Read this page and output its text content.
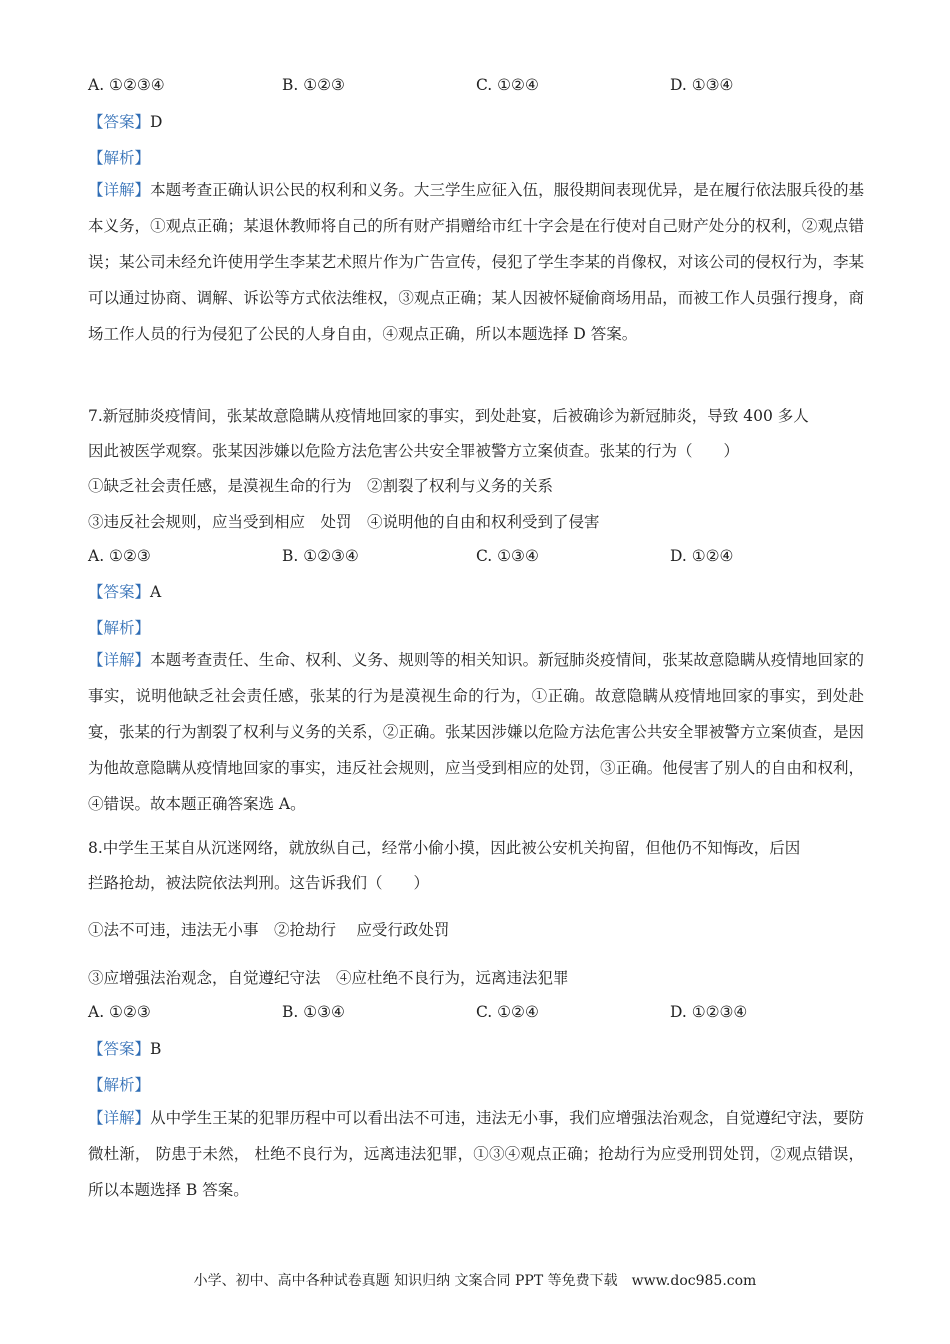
A. ①②③④	B. ①②③	C. ①②④	D. ①③④
【答案】D
【解析】
【详解】本题考查正确认识公民的权利和义务。大三学生应征入伍，服役期间表现优异，是在履行依法服兵役的基本义务，①观点正确；某退休教师将自己的所有财产捐赠给市红十字会是在行使对自己财产处分的权利，②观点错误；某公司未经允许使用学生李某艺术照片作为广告宣传，侵犯了学生李某的肖像权，对该公司的侵权行为，李某可以通过协商、调解、诉讼等方式依法维权，③观点正确；某人因被怀疑偷商场用品，而被工作人员强行搜身，商场工作人员的行为侵犯了公民的人身自由，④观点正确，所以本题选择 D 答案。
7.新冠肺炎疫情间，张某故意隐瞒从疫情地回家的事实，到处赴宴，后被确诊为新冠肺炎，导致 400 多人
因此被医学观察。张某因涉嫌以危险方法危害公共安全罪被警方立案侦查。张某的行为（　　）
①缺乏社会责任感，是漠视生命的行为　②割裂了权利与义务的关系
③违反社会规则，应当受到相应　处罚　④说明他的自由和权利受到了侵害
A. ①②③	B. ①②③④	C. ①③④	D. ①②④
【答案】A
【解析】
【详解】本题考查责任、生命、权利、义务、规则等的相关知识。新冠肺炎疫情间，张某故意隐瞒从疫情地回家的事实，说明他缺乏社会责任感，张某的行为是漠视生命的行为，①正确。故意隐瞒从疫情地回家的事实，到处赴宴，张某的行为割裂了权利与义务的关系，②正确。张某因涉嫌以危险方法危害公共安全罪被警方立案侦查，是因为他故意隐瞒从疫情地回家的事实，违反社会规则，应当受到相应的处罚，③正确。他侵害了别人的自由和权利，④错误。故本题正确答案选 A。
8.中学生王某自从沉迷网络，就放纵自己，经常小偷小摸，因此被公安机关拘留，但他仍不知悔改，后因
拦路抢劫，被法院依法判刑。这告诉我们（　　）
①法不可违，违法无小事　②抢劫行　 应受行政处罚
③应增强法治观念，自觉遵纪守法　④应杜绝不良行为，远离违法犯罪
A. ①②③	B. ①③④	C. ①②④	D. ①②③④
【答案】B
【解析】
【详解】从中学生王某的犯罪历程中可以看出法不可违，违法无小事，我们应增强法治观念，自觉遵纪守法，要防微杜渐， 防患于未然， 杜绝不良行为，远离违法犯罪，①③④观点正确；抢劫行为应受刑罚处罚，②观点错误，所以本题选择 B 答案。
小学、初中、高中各种试卷真题 知识归纳 文案合同 PPT 等免费下载　www.doc985.com
